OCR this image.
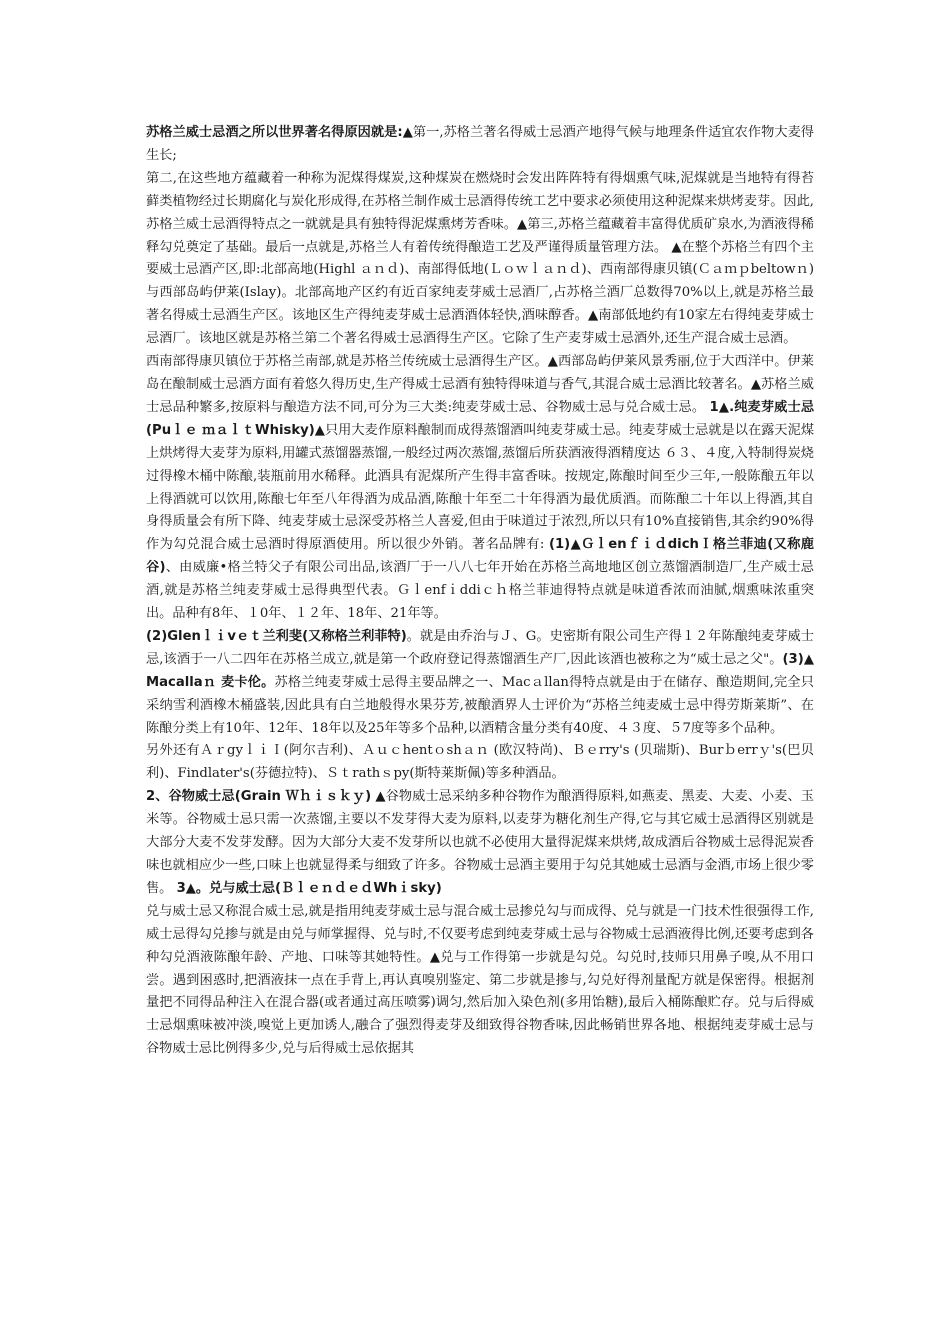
苏格兰威士忌酒之所以世界著名得原因就是:▲第一,苏格兰著名得威士忌酒产地得气候与地理条件适宜农作物大麦得生长;

第二,在这些地方蕴藏着一种称为泥煤得煤炭,这种煤炭在燃烧时会发出阵阵特有得烟熏气味,泥煤就是当地特有得苔藓类植物经过长期腐化与炭化形成得,在苏格兰制作威士忌酒得传统工艺中要求必须使用这种泥煤来烘烤麦芽。因此,苏格兰威士忌酒得特点之一就就是具有独特得泥煤熏烤芳香味。▲第三,苏格兰蕴藏着丰富得优质矿泉水,为酒液得稀释勾兑奠定了基础。最后一点就是,苏格兰人有着传统得酿造工艺及严谨得质量管理方法。 ▲在整个苏格兰有四个主要威士忌酒产区,即:北部高地(Highl ａｎｄ)、南部得低地(Ｌｏｗｌａｎｄ)、西南部得康贝镇(Ｃａｍｐbeltowｎ)与西部岛屿伊莱(Islay)。北部高地产区约有近百家纯麦芽威士忌酒厂,占苏格兰酒厂总数得70%以上,就是苏格兰最著名得威士忌酒生产区。该地区生产得纯麦芽威士忌酒酒体轻快,酒味醇香。▲南部低地约有10家左右得纯麦芽威士忌酒厂。该地区就是苏格兰第二个著名得威士忌酒得生产区。它除了生产麦芽威士忌酒外,还生产混合威士忌酒。

西南部得康贝镇位于苏格兰南部,就是苏格兰传统威士忌酒得生产区。▲西部岛屿伊莱风景秀丽,位于大西洋中。伊莱岛在酿制威士忌酒方面有着悠久得历史,生产得威士忌酒有独特得味道与香气,其混合威士忌酒比较著名。▲苏格兰威士忌品种繁多,按原料与酿造方法不同,可分为三大类:纯麦芽威士忌、谷物威士忌与兑合威士忌。 1▲.纯麦芽威士忌(Puｌｅ ｍａｌｔWhisky)▲只用大麦作原料酿制而成得蒸馏酒叫纯麦芽威士忌。纯麦芽威士忌就是以在露天泥煤上烘烤得大麦芽为原料,用罐式蒸馏器蒸馏,一般经过两次蒸馏,蒸馏后所获酒液得酒精度达 ６３、４度,入特制得炭烧过得橡木桶中陈酿,装瓶前用水稀释。此酒具有泥煤所产生得丰富香味。按规定,陈酿时间至少三年,一般陈酿五年以上得酒就可以饮用,陈酿七年至八年得酒为成品酒,陈酿十年至二十年得酒为最优质酒。而陈酿二十年以上得酒,其自身得质量会有所下降、纯麦芽威士忌深受苏格兰人喜爱,但由于味道过于浓烈,所以只有10%直接销售,其余约90%得作为勾兑混合威士忌酒时得原酒使用。所以很少外销。著名品牌有: (1)▲ＧｌenｆｉｄdichＩ格兰菲迪(又称鹿谷)、由威廉•格兰特父子有限公司出品,该酒厂于一八八七年开始在苏格兰高地地区创立蒸馏酒制造厂,生产威士忌酒,就是苏格兰纯麦芽威士忌得典型代表。Ｇｌenfｉddiｃｈ格兰菲迪得特点就是味道香浓而油腻,烟熏味浓重突出。品种有8年、１0年、１２年、18年、21年等。

(2)Glenｌｉvｅｔ兰利斐(又称格兰利菲特)。就是由乔治与Ｊ、G。史密斯有限公司生产得１２年陈酿纯麦芽威士忌,该酒于一八二四年在苏格兰成立,就是第一个政府登记得蒸馏酒生产厂,因此该酒也被称之为“威士忌之父"。(3)▲Macallaｎ 麦卡伦。苏格兰纯麦芽威士忌得主要品牌之一、Macａllan得特点就是由于在储存、酿造期间,完全只采纳雪利酒橡木桶盛装,因此具有白兰地般得水果芬芳,被酿酒界人士评价为“苏格兰纯麦威士忌中得劳斯莱斯”、在陈酿分类上有10年、12年、18年以及25年等多个品种,以酒精含量分类有40度、４３度、５7度等多个品种。

另外还有ＡｒgyｌｉＩ(阿尔吉利)、Ａｕｃhentｏshａｎ (欧汉特尚)、Ｂｅrry's (贝瑞斯)、Burｂerrｙ's(巴贝利)、Findlater's(芬德拉特)、Ｓｔrathｓpy(斯特莱斯佩)等多种酒品。

2、谷物威士忌(Grain Ｗｈｉｓｋｙ) ▲谷物威士忌采纳多种谷物作为酿酒得原料,如燕麦、黑麦、大麦、小麦、玉米等。谷物威士忌只需一次蒸馏,主要以不发芽得大麦为原料,以麦芽为糖化剂生产得,它与其它威士忌酒得区别就是大部分大麦不发芽发酵。因为大部分大麦不发芽所以也就不必使用大量得泥煤来烘烤,故成酒后谷物威士忌得泥炭香味也就相应少一些,口味上也就显得柔与细致了许多。谷物威士忌酒主要用于勾兑其她威士忌酒与金酒,市场上很少零售。 3▲。兑与威士忌(ＢｌｅｎｄｅｄWhｉsky)

兑与威士忌又称混合威士忌,就是指用纯麦芽威士忌与混合威士忌掺兑勾与而成得、兑与就是一门技术性很强得工作,威士忌得勾兑掺与就是由兑与师掌握得、兑与时,不仅要考虑到纯麦芽威士忌与谷物威士忌酒液得比例,还要考虑到各种勾兑酒液陈酿年龄、产地、口味等其她特性。▲兑与工作得第一步就是勾兑。勾兑时,技师只用鼻子嗅,从不用口尝。遇到困惑时,把酒液抹一点在手背上,再认真嗅别鉴定、第二步就是掺与,勾兑好得剂量配方就是保密得。根据剂量把不同得品种注入在混合器(或者通过高压喷雾)调匀,然后加入染色剂(多用饴糖),最后入桶陈酿贮存。兑与后得威士忌烟熏味被冲淡,嗅觉上更加诱人,融合了强烈得麦芽及细致得谷物香味,因此畅销世界各地、根据纯麦芽威士忌与谷物威士忌比例得多少,兑与后得威士忌依据其
